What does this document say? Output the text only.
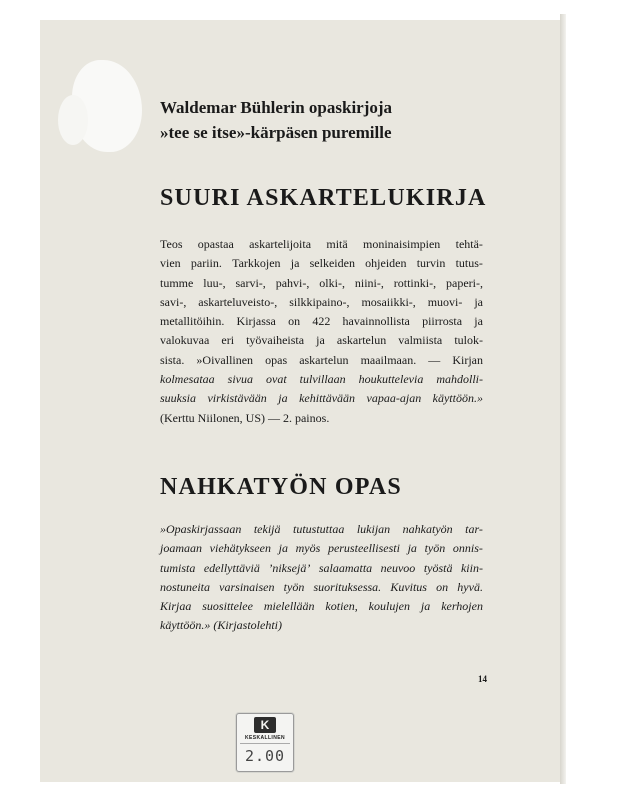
Waldemar Bühlerin opaskirjoja
»tee se itse»-kärpäsen puremille
SUURI ASKARTELUKIRJA
Teos opastaa askartelijoita mitä moninaisimpien tehtä-
vien pariin. Tarkkojen ja selkeiden ohjeiden turvin tutus-
tumme luu-, sarvi-, pahvi-, olki-, niini-, rottinki-, paperi-,
savi-, askarteluveisto-, silkkipaino-, mosaiikki-, muovi- ja
metallitöihin. Kirjassa on 422 havainnollista piirrosta ja
valokuvaa eri työvaiheista ja askartelun valmiista tulok-
sista. »Oivallinen opas askartelun maailmaan. — Kirjan
kolmesataa sivua ovat tulvillaan houkuttelevia mahdolli-
suuksia virkistävään ja kehittävään vapaa-ajan käyttöön.»
(Kerttu Niilonen, US) — 2. painos.
NAHKATYÖN OPAS
»Opaskirjassaan tekijä tutustuttaa lukijan nahkatyön tar-
joamaan viehätykseen ja myös perusteellisesti ja työn onnis-
tumista edellyttäviä ’niksejä’ salaamatta neuvoo työstä kiin-
nostuneita varsinaisen työn suorituksessa. Kuvitus on hyvä.
Kirjaa suosittelee mielellään kotien, koulujen ja kerhojen
käyttöön.» (Kirjastolehti)
14
K
KESKALLINEN
2.00
